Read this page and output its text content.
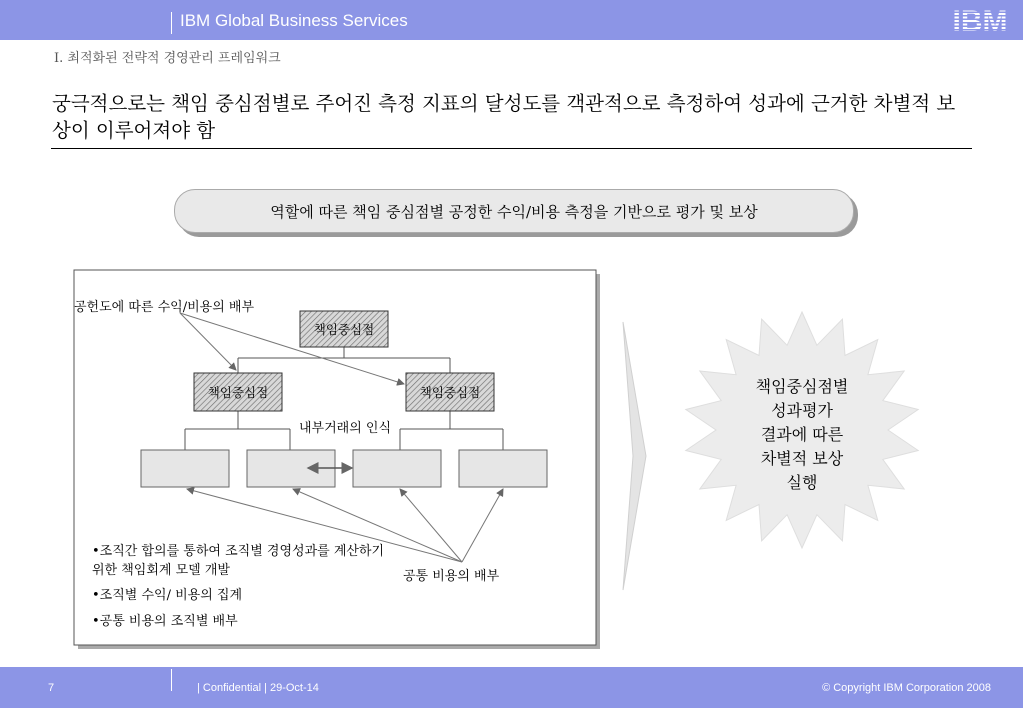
IBM Global Business Services	IBM
Ⅰ. 최적화된 전략적 경영관리 프레임워크
궁극적으로는 책임 중심점별로 주어진 측정 지표의 달성도를 객관적으로 측정하여 성과에 근거한 차별적 보상이 이루어져야 함
역할에 따른 책임 중심점별 공정한 수익/비용 측정을 기반으로 평가 및 보상
책임중심점
책임중심점	책임중심점
공헌도에 따른 수익/비용의 배부
내부거래의 인식
공통 비용의 배부
•조직간 합의를 통하여 조직별 경영성과를 계산하기 위한 책임회계 모델 개발
•조직별 수익/ 비용의 집계
•공통 비용의 조직별 배부
책임중심점별
성과평가
결과에 따른
차별적 보상
실행
7	| Confidential | 29-Oct-14	© Copyright IBM Corporation 2008
